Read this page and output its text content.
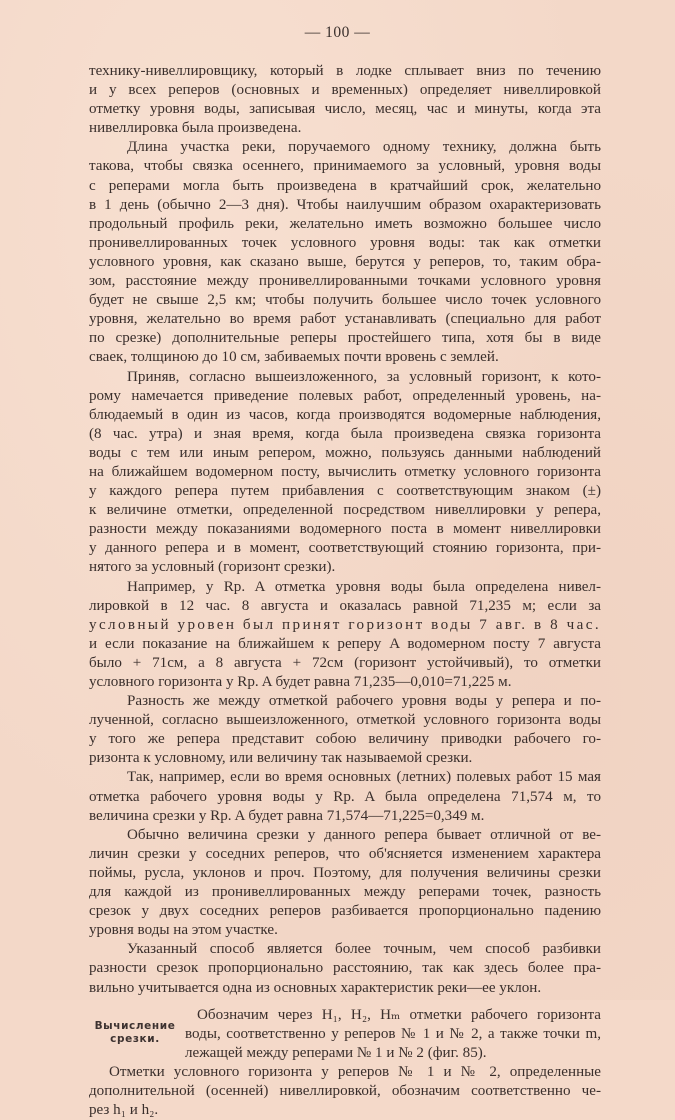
— 100 —
технику-нивеллировщику, который в лодке сплывает вниз по течению
и у всех реперов (основных и временных) определяет нивеллировкой
отметку уровня воды, записывая число, месяц, час и минуты, когда эта
нивеллировка была произведена.
Длина участка реки, поручаемого одному технику, должна быть
такова, чтобы связка осеннего, принимаемого за условный, уровня воды
с реперами могла быть произведена в кратчайший срок, желательно
в 1 день (обычно 2—3 дня). Чтобы наилучшим образом охарактеризовать
продольный профиль реки, желательно иметь возможно большее число
пронивеллированных точек условного уровня воды: так как отметки
условного уровня, как сказано выше, берутся у реперов, то, таким обра-
зом, расстояние между пронивеллированными точками условного уровня
будет не свыше 2,5 км; чтобы получить большее число точек условного
уровня, желательно во время работ устанавливать (специально для работ
по срезке) дополнительные реперы простейшего типа, хотя бы в виде
сваек, толщиною до 10 см, забиваемых почти вровень с землей.
Приняв, согласно вышеизложенного, за условный горизонт, к кото-
рому намечается приведение полевых работ, определенный уровень, на-
блюдаемый в один из часов, когда производятся водомерные наблюдения,
(8 час. утра) и зная время, когда была произведена связка горизонта
воды с тем или иным репером, можно, пользуясь данными наблюдений
на ближайшем водомерном посту, вычислить отметку условного горизонта
у каждого репера путем прибавления с соответствующим знаком (±)
к величине отметки, определенной посредством нивеллировки у репера,
разности между показаниями водомерного поста в момент нивеллировки
у данного репера и в момент, соответствующий стоянию горизонта, при-
нятого за условный (горизонт срезки).
Например, у Rp. A отметка уровня воды была определена нивел-
лировкой в 12 час. 8 августа и оказалась равной 71,235 м; если за
условный уровен был принят горизонт воды 7 авг. в 8 час.
и если показание на ближайшем к реперу A водомерном посту 7 августа
было + 71см, а 8 августа + 72см (горизонт устойчивый), то отметки
условного горизонта у Rp. A будет равна 71,235—0,010=71,225 м.
Разность же между отметкой рабочего уровня воды у репера и по-
лученной, согласно вышеизложенного, отметкой условного горизонта воды
у того же репера представит собою величину приводки рабочего го-
ризонта к условному, или величину так называемой срезки.
Так, например, если во время основных (летних) полевых работ 15 мая
отметка рабочего уровня воды у Rp. A была определена 71,574 м, то
величина срезки у Rp. A будет равна 71,574—71,225=0,349 м.
Обычно величина срезки у данного репера бывает отличной от ве-
личин срезки у соседних реперов, что об'ясняется изменением характера
поймы, русла, уклонов и проч. Поэтому, для получения величины срезки
для каждой из пронивеллированных между реперами точек, разность
срезок у двух соседних реперов разбивается пропорционально падению
уровня воды на этом участке.
Указанный способ является более точным, чем способ разбивки
разности срезок пропорционально расстоянию, так как здесь более пра-
вильно учитывается одна из основных характеристик реки—ее уклон.
Вычисление
срезки.
Обозначим через H₁, H₂, Hₘ отметки рабочего горизонта
воды, соответственно у реперов № 1 и № 2, а также точки m,
лежащей между реперами № 1 и № 2 (фиг. 85).
Отметки условного горизонта у реперов № 1 и № 2, определенные
дополнительной (осенней) нивеллировкой, обозначим соответственно че-
рез h₁ и h₂.
